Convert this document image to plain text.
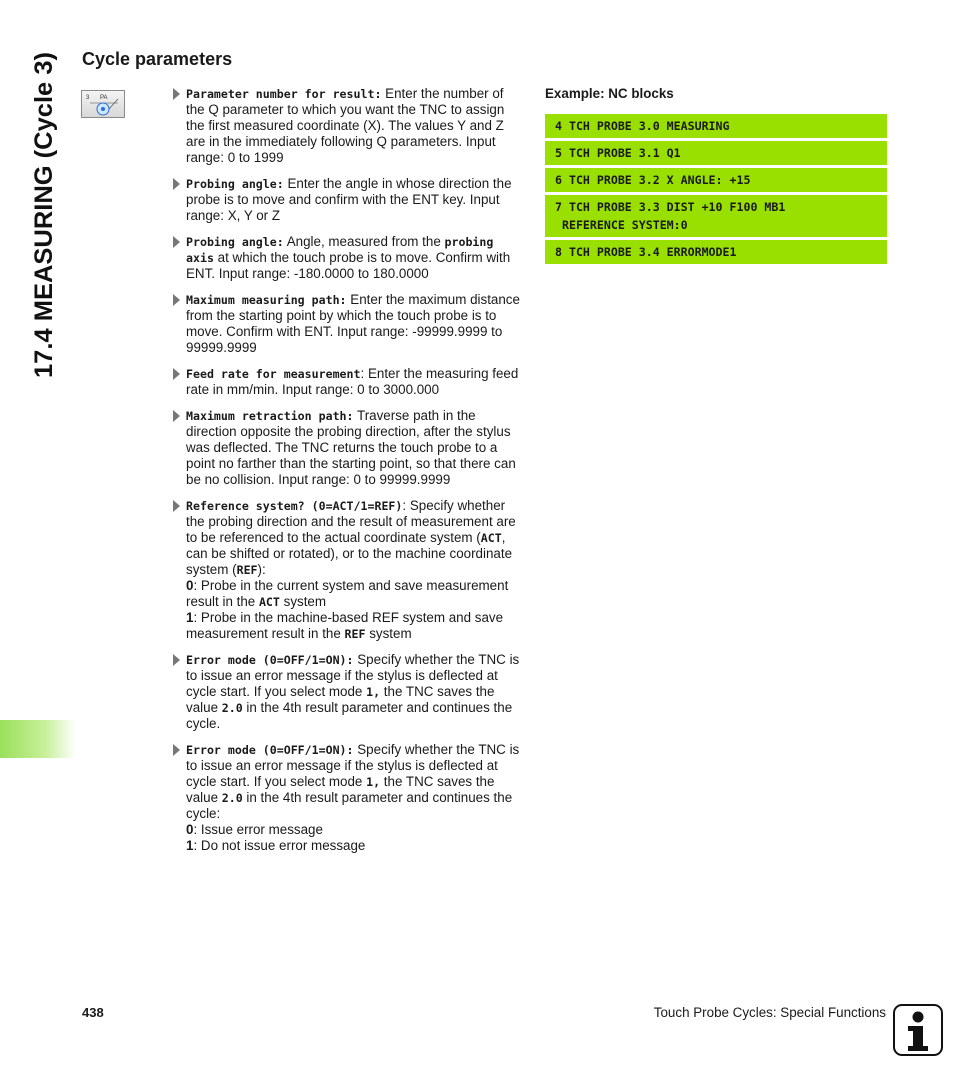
17.4 MEASURING (Cycle 3) Cycle parameters
3 PA	Parameter number for result: Enter the number of the Q parameter to which you want the TNC to assign the first measured coordinate (X). The values Y and Z are in the immediately following Q parameters. Input range: 0 to 1999
Probing angle: Enter the angle in whose direction the probe is to move and confirm with the ENT key. Input range: X, Y or Z
Probing angle: Angle, measured from the probing axis at which the touch probe is to move. Confirm with ENT. Input range: -180.0000 to 180.0000
Maximum measuring path: Enter the maximum distance from the starting point by which the touch probe is to move. Confirm with ENT. Input range: -99999.9999 to 99999.9999
Feed rate for measurement: Enter the measuring feed rate in mm/min. Input range: 0 to 3000.000
Maximum retraction path: Traverse path in the direction opposite the probing direction, after the stylus was deflected. The TNC returns the touch probe to a point no farther than the starting point, so that there can be no collision. Input range: 0 to 99999.9999
Reference system? (0=ACT/1=REF): Specify whether the probing direction and the result of measurement are to be referenced to the actual coordinate system (ACT, can be shifted or rotated), or to the machine coordinate system (REF):
0: Probe in the current system and save measurement result in the ACT system
1: Probe in the machine-based REF system and save measurement result in the REF system
Error mode (0=OFF/1=ON): Specify whether the TNC is to issue an error message if the stylus is deflected at cycle start. If you select mode 1, the TNC saves the value 2.0 in the 4th result parameter and continues the cycle.
Error mode (0=OFF/1=ON): Specify whether the TNC is to issue an error message if the stylus is deflected at cycle start. If you select mode 1, the TNC saves the value 2.0 in the 4th result parameter and continues the cycle:
0: Issue error message
1: Do not issue error message
Example: NC blocks
4 TCH PROBE 3.0 MEASURING
5 TCH PROBE 3.1 Q1
6 TCH PROBE 3.2 X ANGLE: +15
7 TCH PROBE 3.3 DIST +10 F100 MB1
REFERENCE SYSTEM:0
8 TCH PROBE 3.4 ERRORMODE1
438	Touch Probe Cycles: Special Functions
